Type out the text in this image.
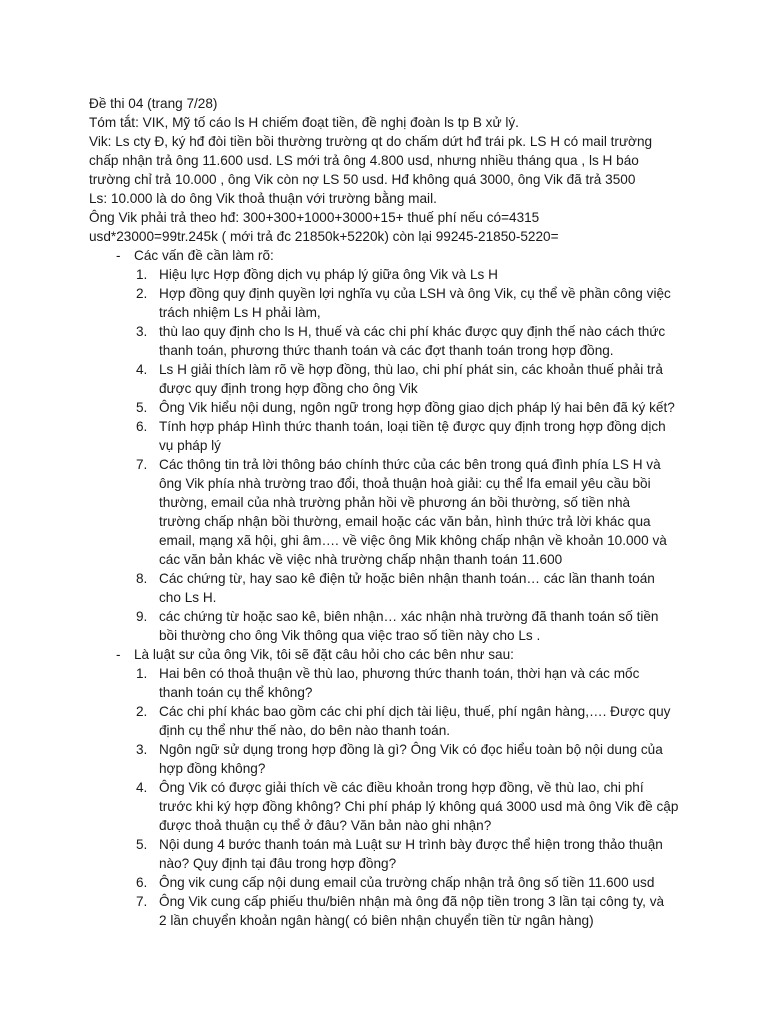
Đề thi 04 (trang 7/28)

Tóm tắt: VIK, Mỹ tố cáo ls H chiếm đoạt tiền, đề nghị đoàn ls tp B xử lý.

Vik: Ls cty Đ, ký hđ đòi tiền bồi thường trường qt do chấm dứt hđ trái pk. LS H có mail trường

chấp nhận trả ông 11.600 usd. LS mới trả ông 4.800 usd, nhưng nhiều tháng qua , ls H báo

trường chỉ trả 10.000 , ông Vik còn nợ LS 50 usd. Hđ không quá 3000, ông Vik đã trả 3500

Ls: 10.000 là do ông Vik thoả thuận với trường bằng mail.

Ông Vik phải trả theo hđ: 300+300+1000+3000+15+ thuế phí nếu có=4315

usd*23000=99tr.245k ( mới trả đc 21850k+5220k) còn lại 99245-21850-5220=

- Các vấn đề cần làm rõ:
1. Hiệu lực Hợp đồng dịch vụ pháp lý giữa ông Vik và Ls H
2. Hợp đồng quy định quyền lợi nghĩa vụ của LSH và ông Vik, cụ thể về phần công việc
trách nhiệm Ls H phải làm,
3. thù lao quy định cho ls H, thuế và các chi phí khác được quy định thế nào cách thức
thanh toán, phương thức thanh toán và các đợt thanh toán trong hợp đồng.
4. Ls H giải thích làm rõ về hợp đồng, thù lao, chi phí phát sin, các khoản thuế phải trả
được quy định trong hợp đồng cho ông Vik
5. Ông Vik hiểu nội dung, ngôn ngữ trong hợp đồng giao dịch pháp lý hai bên đã ký kết?
6. Tính hợp pháp Hình thức thanh toán, loại tiền tệ được quy định trong hợp đồng dịch
vụ pháp lý
7. Các thông tin trả lời thông báo chính thức của các bên trong quá đình phía LS H và
ông Vik phía nhà trường trao đổi, thoả thuận hoà giải: cụ thể lfa email yêu cầu bồi
thường, email của nhà trường phản hồi về phương án bồi thường, số tiền nhà
trường chấp nhận bồi thường, email hoặc các văn bản, hình thức trả lời khác qua
email, mạng xã hội, ghi âm…. về việc ông Mik không chấp nhận về khoản 10.000 và
các văn bản khác về việc nhà trường chấp nhận thanh toán 11.600
8. Các chứng từ, hay sao kê điện tử hoặc biên nhận thanh toán… các lần thanh toán
cho Ls H.
9. các chứng từ hoặc sao kê, biên nhận… xác nhận nhà trường đã thanh toán số tiền
bồi thường cho ông Vik thông qua việc trao số tiền này cho Ls .
- Là luật sư của ông Vik, tôi sẽ đặt câu hỏi cho các bên như sau:
1. Hai bên có thoả thuận về thù lao, phương thức thanh toán, thời hạn và các mốc
thanh toán cụ thể không?
2. Các chi phí khác bao gồm các chi phí dịch tài liệu, thuế, phí ngân hàng,…. Được quy
định cụ thể như thế nào, do bên nào thanh toán.
3. Ngôn ngữ sử dụng trong hợp đồng là gì? Ông Vik có đọc hiểu toàn bộ nội dung của
hợp đồng không?
4. Ông Vik có được giải thích về các điều khoản trong hợp đồng, về thù lao, chi phí
trước khi ký hợp đồng không? Chi phí pháp lý không quá 3000 usd mà ông Vik đề cập
được thoả thuận cụ thể ở đâu? Văn bản nào ghi nhận?
5. Nội dung 4 bước thanh toán mà Luật sư H trình bày được thể hiện trong thảo thuận
nào? Quy định tại đâu trong hợp đồng?
6. Ông vik cung cấp nội dung email của trường chấp nhận trả ông số tiền 11.600 usd
7. Ông Vik cung cấp phiếu thu/biên nhận mà ông đã nộp tiền trong 3 lần tại công ty, và
2 lần chuyển khoản ngân hàng( có biên nhận chuyển tiền từ ngân hàng)
